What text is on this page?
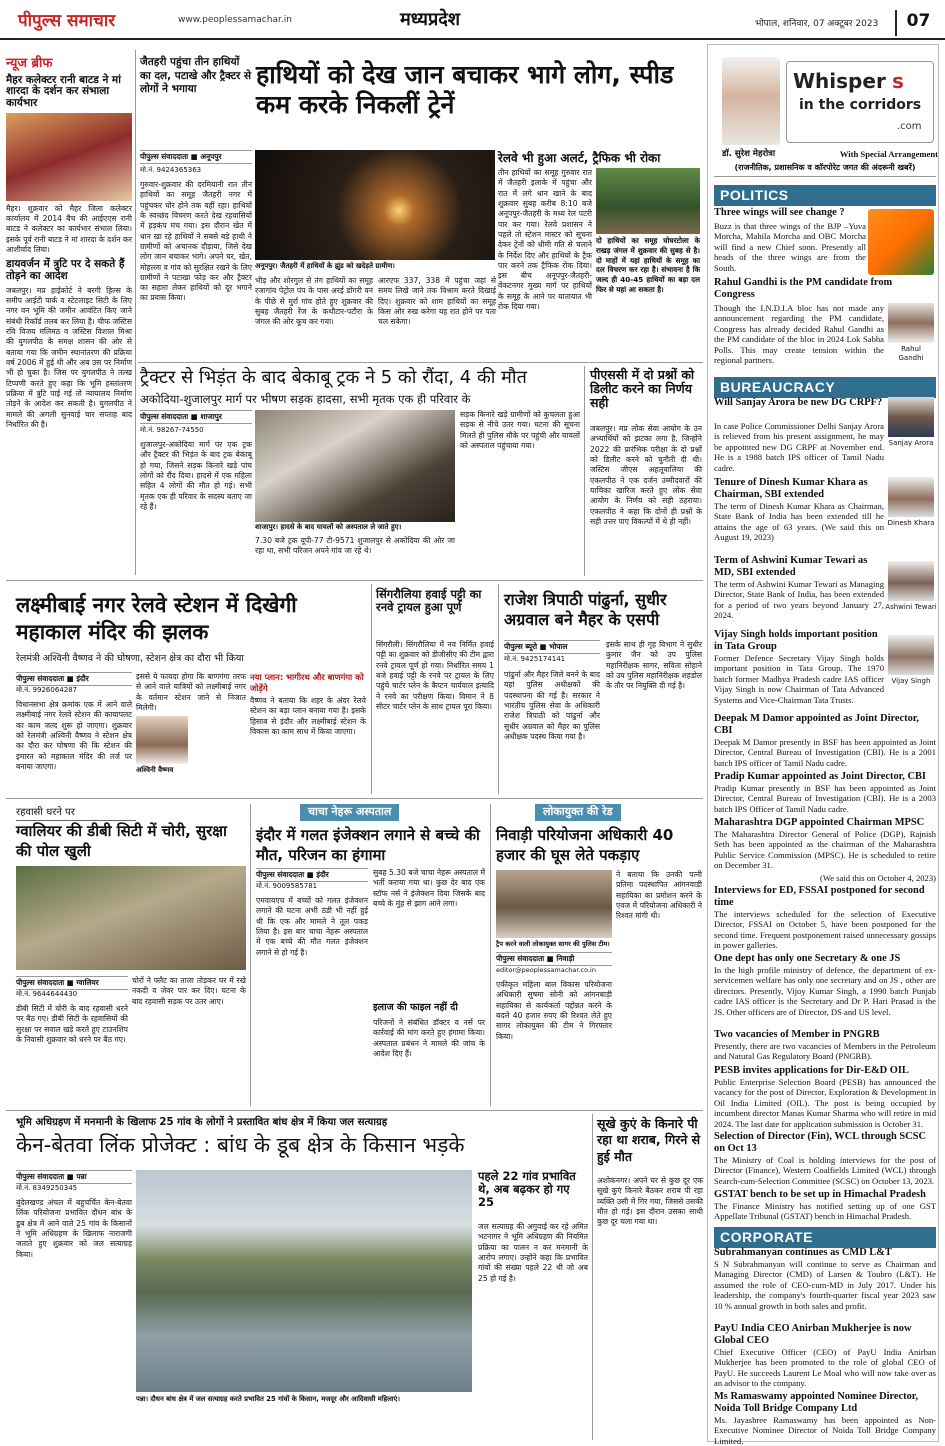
पीपुल्स समाचार	www.peoplessamachar.in	मध्यप्रदेश	भोपाल, शनिवार, 07 अक्टूबर 2023	07
न्यूज ब्रीफ
मैहर कलेक्टर रानी बाटड ने मां शारदा के दर्शन कर संभाला कार्यभार
मैहर। शुक्रवार को मैहर जिला कलेक्टर कार्यालय में 2014 बैच की आईएएस रानी बाटड ने कलेक्टर का कार्यभार संभाल लिया। इसके पूर्व रानी बाटड ने मां शारदा के दर्शन कर आशीर्वाद लिया।
डायवर्जन में त्रुटि पर दे सकते हैं तोड़ने का आदेश
जबलपुर। मप्र हाईकोर्ट ने बरगी हिल्स के समीप आईटी पार्क व स्टेटलाइट सिटी के लिए नगर वन भूमि की जमीन आवंटित किए जाने संबंधी रिकॉर्ड तलब कर लिया है। चीफ जस्टिस रवि विजय मलिमठ व जस्टिस विशाल मिश्रा की युगलपीठ के समक्ष शासन की ओर से बताया गया कि जमीन स्थानांतरण की प्रक्रिया वर्ष 2006 में हुई थी और अब उस पर निर्माण भी हो चुका है। जिस पर युगलपीठ ने तल्ख टिप्पणी करते हुए कहा कि भूमि हस्तांतरण प्रक्रिया में त्रुटि पाई गई तो न्यायालय निर्माण तोड़ने के आदेश कर सकती है। युगलपीठ ने मामले की अगली सुनवाई चार सप्ताह बाद निर्धारित की है।
जैतहरी पहुंचा तीन हाथियों का दल, पटाखे और ट्रैक्टर से लोगों ने भगाया
हाथियों को देख जान बचाकर भागे लोग, स्पीड कम करके निकलीं ट्रेनें
पीपुल्स संवाददाता ■ अनूपपुर
मो.नं. 9424365363
गुरुवार-शुक्रवार की दरमियानी रात तीन हाथियों का समूह जैतहरी नगर में पहुंचकर घोर होने तक वहीं रहा। हाथियों के स्वच्छंद विचरण करते देख रहवासियों में हड़कंप मच गया। इस दौरान खेत में धान खा रहे हाथियों ने सबसे बड़े हाथी ने ग्रामीणों को अचानक दौड़ाया, जिसे देख लोग जान बचाकर भागे। अपने घर, खेत, मोहल्ला व गांव को सुरक्षित रखने के लिए ग्रामीणों ने पटाखा फोड़ कर और ट्रैक्टर का सहारा लेकर हाथियों को दूर भगाने का प्रयास किया।
अनूपपुर। जैतहरी में हाथियों के झुंड को खदेड़ते ग्रामीण।
भीड़ और शोरगुल से तंग हाथियों का समूह रजागांव पेट्रोल पंप के पास अरई डोंगरी वन के पीछे से मुर्रा गांव होते हुए शुक्रवार की सुबह जैतहरी रेंज के कथौटार-पटौरा के जंगल की ओर कूच कर गया।
आरएफ 337, 338 में पहुंचा जहां से समय लिखे जाने तक विश्राम करते दिखाई दिए। शुक्रवार को शाम हाथियों का समूह किस ओर रुख करेगा यह रात होने पर पता चल सकेगा।
रेलवे भी हुआ अलर्ट, ट्रैफिक भी रोका
तीन हाथियों का समूह गुरुवार रात में जैतहरी इलाके में पहुंचा और रात में लगे धान खाने के बाद शुक्रवार सुबह करीब 8:10 बजे अनूपपुर-जैतहरी के मध्य रेल पटरी पार कर गया। रेलवे प्रशासन ने पहले तो स्टेशन मास्टर को सूचना देकर ट्रेनों को धीमी गति से चलाने के निर्देश दिए और हाथियों के ट्रैक पार करने तक ट्रैफिक रोक दिया। इस बीच अनूपपुर-जैतहरी-वेंकटनगर मुख्य मार्ग पर हाथियों के समूह के आने पर यातायात भी रोक दिया गया।
दो हाथियों का समूह घोघरटोला के राखड़ जंगल में शुक्रवार की सुबह से है। दो माहों में यहां हाथियों के समूह का दल विचरण कर रहा है। संभावना है कि जल्द ही 40-45 हाथियों का बड़ा दल फिर से यहां आ सकता है।
ट्रैक्टर से भिड़ंत के बाद बेकाबू ट्रक ने 5 को रौंदा, 4 की मौत
अकोदिया-शुजालपुर मार्ग पर भीषण सड़क हादसा, सभी मृतक एक ही परिवार के
पीपुल्स संवाददाता ■ शाजापुर
मो.नं. 98267-74550
शुजालपुर-अकोदिया मार्ग पर एक ट्रक और ट्रैक्टर की भिड़ंत के बाद ट्रक बेकाबू हो गया, जिसने सड़क किनारे खड़े पांच लोगों को रौंद दिया। हादसे में एक महिला सहित 4 लोगों की मौत हो गई। सभी मृतक एक ही परिवार के सदस्य बताए जा रहे हैं।
शाजापुर। हादसे के बाद घायलों को अस्पताल ले जाते हुए।
7.30 बजे ट्रक यूपी-77 टी-9571 शुजालपुर से अकोदिया की ओर जा रहा था, सभी परिजन अपने गांव जा रहे थे।
सड़क किनारे खड़े ग्रामीणों को कुचलता हुआ सड़क से नीचे उतर गया। घटना की सूचना मिलते ही पुलिस मौके पर पहुंची और घायलों को अस्पताल पहुंचाया गया।
पीएससी में दो प्रश्नों को डिलीट करने का निर्णय सही
जबलपुर। मप्र लोक सेवा आयोग के उन अभ्यार्थियों को झटका लगा है, जिन्होंने 2022 की प्रारंभिक परीक्षा के दो प्रश्नों को डिलीट करने को चुनौती दी थी। जस्टिस जीएस अहलूवालिया की एकलपीठ ने एक दर्जन उम्मीदवारों की याचिका खारिज करते हुए लोक सेवा आयोग के निर्णय को सही ठहराया। एकलपीठ ने कहा कि दोनों ही प्रश्नों के सही उत्तर पाए विकल्पों में थे ही नहीं।
लक्ष्मीबाई नगर रेलवे स्टेशन में दिखेगी महाकाल मंदिर की झलक
रेलमंत्री अश्विनी वैष्णव ने की घोषणा, स्टेशन क्षेत्र का दौरा भी किया
पीपुल्स संवाददाता ■ इंदौर
मो.नं. 9926064287
विधानसभा क्षेत्र क्रमांक एक में आने वाले लक्ष्मीबाई नगर रेलवे स्टेशन की कायापलट का काम जल्द शुरू हो जाएगा। शुक्रवार को रेलमंत्री अश्विनी वैष्णव ने स्टेशन क्षेत्र का दौरा कर घोषणा की कि स्टेशन की इमारत को महाकाल मंदिर की तर्ज पर बनाया जाएगा।
इससे ये फायदा होगा कि बाणगंगा तरफ से आने वाले यात्रियों को लक्ष्मीबाई नगर के वर्तमान स्टेशन जाने से निजात मिलेगी।
अश्विनी वैष्णव
नया प्लान: भागीरथ और बाणगंगा को जोड़ेंगे
वैष्णव ने बताया कि शहर के अंदर रेलवे स्टेशन का बड़ा प्लान बनाया गया है। इसके हिसाब से इंदौर और लक्ष्मीबाई स्टेशन के विकास का काम साथ में किया जाएगा।
सिंगरौलिया हवाई पट्टी का रनवे ट्रायल हुआ पूर्ण
सिंगरौली। सिंगरौलिया में नव निर्मित हवाई पट्टी का शुक्रवार को डीजीसीए की टीम द्वारा रनवे ट्रायल पूर्ण हो गया। निर्धारित समय 1 बजे हवाई पट्टी के रनवे पर ट्रायल के लिए पहुंचे चार्टर प्लेन के कैप्टन चार्यवाल इत्यादि ने रनवे का परीक्षण किया। विमान ने 8 सीटर चार्टर प्लेन के साथ ट्रायल पूरा किया।
राजेश त्रिपाठी पांढुर्ना, सुधीर अग्रवाल बने मैहर के एसपी
पीपुल्स ब्यूरो ■ भोपाल
मो.नं. 9425174141
पांढुर्ना और मैहर जिले बनने के बाद यहां पुलिस अधीक्षकों की पदस्थापना की गई है। सरकार ने भारतीय पुलिस सेवा के अधिकारी राजेश त्रिपाठी को पांढुर्ना और सुधीर अग्रवाल को मैहर का पुलिस अधीक्षक पदस्थ किया गया है।
इसके साथ ही गृह विभाग ने सुधीर कुमार जैन को उप पुलिस महानिरीक्षक सागर, सविता सोहाने को उप पुलिस महानिरीक्षक शहडोल के तौर पर नियुक्ति दी गई है।
रहवासी धरने पर
ग्वालियर की डीबी सिटी में चोरी, सुरक्षा की पोल खुली
पीपुल्स संवाददाता ■ ग्वालियर
मो.नं. 9644644430
डीबी सिटी में चोरी के बाद रहवासी धरने पर बैठ गए। डीबी सिटी के रहवासियों की सुरक्षा पर सवाल खड़े करते हुए टाउनशिप के निवासी शुक्रवार को धरने पर बैठ गए।
चोरों ने फ्लैट का ताला तोड़कर घर में रखे नकदी व जेवर पार कर दिए। घटना के बाद रहवासी सड़क पर उतर आए।
चाचा नेहरू अस्पताल
इंदौर में गलत इंजेक्शन लगाने से बच्चे की मौत, परिजन का हंगामा
पीपुल्स संवाददाता ■ इंदौर
मो.नं. 9009585781
एमवायएच में बच्चों को गलत इंजेक्शन लगाने की घटना अभी ठंडी भी नहीं हुई थी कि एक और मामले ने तूल पकड़ लिया है। इस बार चाचा नेहरू अस्पताल में एक बच्चे की मौत गलत इंजेक्शन लगाने से हो गई है।
सुबह 5.30 बजे चाचा नेहरू अस्पताल में भर्ती कराया गया था। कुछ देर बाद एक स्टॉफ नर्स ने इंजेक्शन दिया जिसके बाद बच्चे के मुंह से झाग आने लगा।
इलाज की फाइल नहीं दी
परिजनों ने संबंधित डॉक्टर व नर्स पर कार्रवाई की मांग करते हुए हंगामा किया। अस्पताल प्रबंधन ने मामले की जांच के आदेश दिए हैं।
लोकायुक्त की रेड
निवाड़ी परियोजना अधिकारी 40 हजार की घूस लेते पकड़ाए
ट्रैप करने वाली लोकायुक्त सागर की पुलिस टीम।
पीपुल्स संवाददाता ■ निवाड़ी
editor@peoplessamachar.co.in
एकीकृत महिला बाल विकास परियोजना अधिकारी सुषमा सोनी को आंगनबाड़ी सहायिका से कार्यकर्ता पद्दोन्नत करने के बदले 40 हजार रुपए की रिश्वत लेते हुए सागर लोकायुक्त की टीम ने गिरफ्तार किया।
ने बताया कि उनकी पत्नी प्रतिमा पदस्थापित आंगनवाड़ी सहायिका का प्रमोशन करने के एवज में परियोजना अधिकारी ने रिश्वत मांगी थी।
भूमि अधिग्रहण में मनमानी के खिलाफ 25 गांव के लोगों ने प्रस्तावित बांध क्षेत्र में किया जल सत्याग्रह
केन-बेतवा लिंक प्रोजेक्ट : बांध के डूब क्षेत्र के किसान भड़के
पीपुल्स संवाददाता ■ पन्ना
मो.नं. 8349250345
बुंदेलखण्ड अंचल में बहुचर्चित केन-बेतवा लिंक परियोजना प्रभावित दौधन बांध के डूब क्षेत्र में आने वाले 25 गांव के किसानों ने भूमि अधिग्रहण के खिलाफ नाराजगी जताते हुए शुक्रवार को जल सत्याग्रह किया।
पन्ना। दौधन बांध क्षेत्र में जल सत्याग्रह करते प्रभावित 25 गांवों के किसान, मजदूर और आदिवासी महिलाएं।
पहले 22 गांव प्रभावित थे, अब बढ़कर हो गए 25
जल सत्याग्रह की अगुवाई कर रहे अमित भटनागर ने भूमि अधिग्रहण की नियमित प्रक्रिया का पालन न कर मनमानी के आरोप लगाए। उन्होंने कहा कि प्रभावित गांवों की संख्या पहले 22 थी जो अब 25 हो गई है।
सूखे कुएं के किनारे पी रहा था शराब, गिरने से हुई मौत
अशोकनगर। अपने घर से कुछ दूर एक सूखे कुएं किनारे बैठकर शराब पी रहा व्यक्ति उसी में गिर गया, जिससे उसकी मौत हो गई। इस दौरान उसका साथी कुछ दूर चला गया था।
Whisper s
in the corridors
.com
डॉ. सुरेश मेहरोत्रा	With Special Arrangement
(राजनीतिक, प्रशासनिक व कॉरपोरेट जगत की अंदरूनी खबरें)
POLITICS
Three wings will see change ?
Buzz is that three wings of the BJP –Yuva Morcha, Mahila Morcha and OBC Morcha will find a new Chief soon. Presently all heads of the three wings are from the South.
Rahul Gandhi is the PM candidate from Congress
Though the I.N.D.I.A bloc has not made any announcement regarding the PM candidate, Congress has already decided Rahul Gandhi as the PM candidate of the bloc in 2024 Lok Sabha Polls. This may create tension within the regional partners.
Rahul Gandhi
BUREAUCRACY
Will Sanjay Arora be new DG CRPF?
In case Police Commissioner Delhi Sanjay Arora is relieved from his present assignment, he may be appointed new DG CRPF at November end. He is a 1988 batch IPS officer of Tamil Nadu cadre.
Sanjay Arora
Tenure of Dinesh Kumar Khara as Chairman, SBI extended
The term of Dinesh Kumar Khara as Chairman, State Bank of India has been extended till he attains the age of 63 years. (We said this on August 19, 2023)
Dinesh Khara
Term of Ashwini Kumar Tewari as MD, SBI extended
The term of Ashwini Kumar Tewari as Managing Director, State Bank of India, has been extended for a period of two years beyond January 27, 2024.
Ashwini Tewari
Vijay Singh holds important position in Tata Group
Former Defence Secretary Vijay Singh holds important position in Tata Group. The 1970 batch former Madhya Pradesh cadre IAS officer Vijay Singh is now Chairman of Tata Advanced Systems and Vice-Chairman Tata Trusts.
Vijay Singh
Deepak M Damor appointed as Joint Director, CBI
Deepak M Damor presently in BSF has been appointed as Joint Director, Central Bureau of Investigation (CBI). He is a 2001 batch IPS officer of Tamil Nadu cadre.
Pradip Kumar appointed as Joint Director, CBI
Pradip Kumar presently in BSF has been appointed as Joint Director, Central Bureau of Investigation (CBI). He is a 2003 batch IPS Officer of Tamil Nadu cadre.
Maharashtra DGP appointed Chairman MPSC
The Maharashtra Director General of Police (DGP), Rajnish Seth has been appointed as the chairman of the Maharashtra Public Service Commission (MPSC). He is scheduled to retire on December 31.
(We said this on October 4, 2023)
Interviews for ED, FSSAI postponed for second time
The interviews scheduled for the selection of Executive Director, FSSAI on October 5, have been postponed for the second time. Frequent postponement raised unnecessary gossips in power galleries.
One dept has only one Secretary & one JS
In the high profile ministry of defence, the department of ex- servicemen welfare has only one secretary and on JS , other are directors. Presently, Vijoy Kumar Singh, a 1990 batch Punjab cadre IAS officer is the Secretary and Dr P. Hari Prasad is the JS. Other officers are of Director, DS and US level.
Two vacancies of Member in PNGRB
Presently, there are two vacancies of Members in the Petroleum and Natural Gas Regulatory Board (PNGRB).
PESB invites applications for Dir-E&D OIL
Public Enterprise Selection Board (PESB) has announced the vacancy for the post of Director, Exploration & Development in Oil India Limited (OIL). The post is being occupied by incumbent director Manas Kumar Sharma who will retire in mid 2024. The last date for application submission is October 31.
Selection of Director (Fin), WCL through SCSC on Oct 13
The Ministry of Coal is holding interviews for the post of Director (Finance), Western Coalfields Limited (WCL) through Search-cum-Selection Committee (SCSC) on October 13, 2023.
GSTAT bench to be set up in Himachal Pradesh
The Finance Ministry has notified setting up of one GST Appellate Tribunal (GSTAT) bench in Himachal Pradesh.
CORPORATE
Subrahmanyan continues as CMD L&T
S N Subrahmanyan will continue to serve as Chairman and Managing Director (CMD) of Larsen & Toubro (L&T). He assumed the role of CEO-cum-MD in July 2017. Under his leadership, the company's fourth-quarter fiscal year 2023 saw 10 % annual growth in both sales and profit.
PayU India CEO Anirban Mukherjee is now Global CEO
Chief Executive Officer (CEO) of PayU India Anirban Mukherjee has been promoted to the role of global CEO of PayU. He succeeds Laurent Le Moal who will now take over as an advisor to the company.
Ms Ramaswamy appointed Nominee Director, Noida Toll Bridge Company Ltd
Ms. Jayashree Ramaswamy has been appointed as Non-Executive Nominee Director of Noida Toll Bridge Company Limited.
